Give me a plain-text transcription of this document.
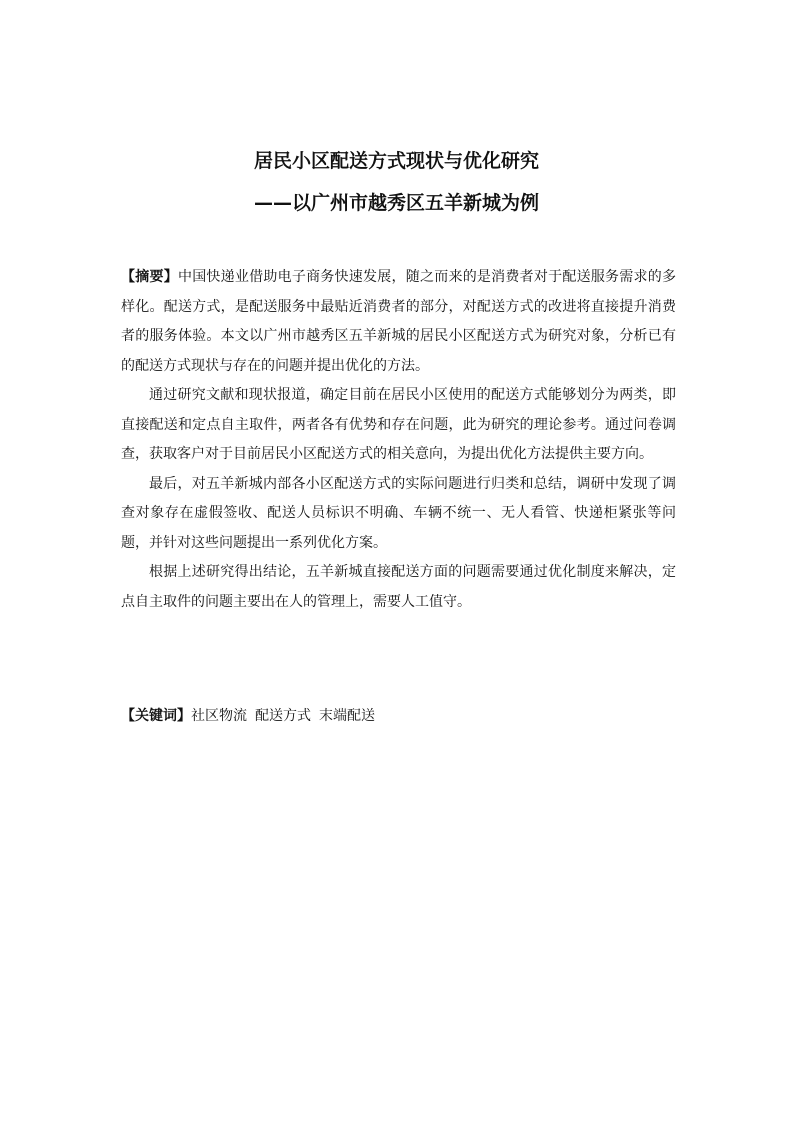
居民小区配送方式现状与优化研究
——以广州市越秀区五羊新城为例

【摘要】中国快递业借助电子商务快速发展，随之而来的是消费者对于配送服务需求的多样化。配送方式，是配送服务中最贴近消费者的部分，对配送方式的改进将直接提升消费者的服务体验。本文以广州市越秀区五羊新城的居民小区配送方式为研究对象，分析已有的配送方式现状与存在的问题并提出优化的方法。

通过研究文献和现状报道，确定目前在居民小区使用的配送方式能够划分为两类，即直接配送和定点自主取件，两者各有优势和存在问题，此为研究的理论参考。通过问卷调查，获取客户对于目前居民小区配送方式的相关意向，为提出优化方法提供主要方向。

最后，对五羊新城内部各小区配送方式的实际问题进行归类和总结，调研中发现了调查对象存在虚假签收、配送人员标识不明确、车辆不统一、无人看管、快递柜紧张等问题，并针对这些问题提出一系列优化方案。

根据上述研究得出结论，五羊新城直接配送方面的问题需要通过优化制度来解决，定点自主取件的问题主要出在人的管理上，需要人工值守。

【关键词】社区物流 配送方式 末端配送
